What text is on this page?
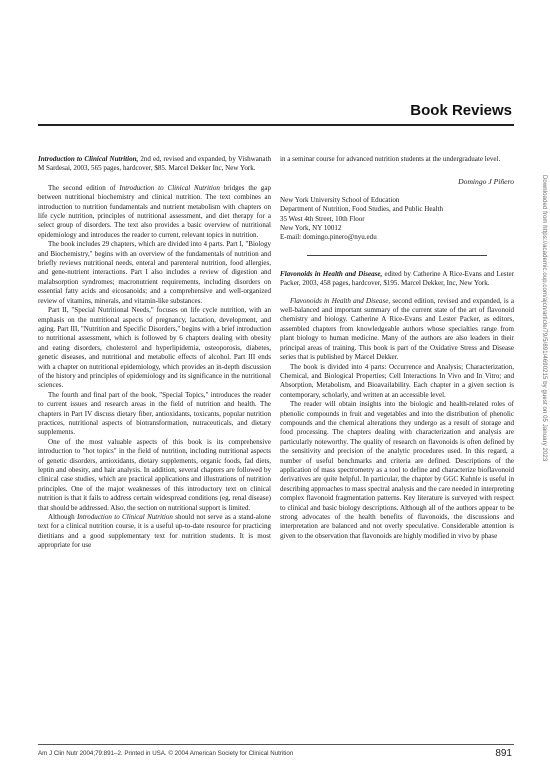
Book Reviews

Introduction to Clinical Nutrition, 2nd ed, revised and expanded, by Vishwanath M Sardesai, 2003, 565 pages, hardcover, $85. Marcel Dekker Inc, New York.

The second edition of Introduction to Clinical Nutrition bridges the gap between nutritional biochemistry and clinical nutrition. The text combines an introduction to nutrition fundamentals and nutrient metabolism with chapters on life cycle nutrition, principles of nutritional assessment, and diet therapy for a select group of disorders. The text also provides a basic overview of nutritional epidemiology and introduces the reader to current, relevant topics in nutrition.

The book includes 29 chapters, which are divided into 4 parts. Part I, "Biology and Biochemistry," begins with an overview of the fundamentals of nutrition and briefly reviews nutritional needs, enteral and parenteral nutrition, food allergies, and gene-nutrient interactions. Part I also includes a review of digestion and malabsorption syndromes; macronutrient requirements, including disorders on essential fatty acids and eicosanoids; and a comprehensive and well-organized review of vitamins, minerals, and vitamin-like substances.

Part II, "Special Nutritional Needs," focuses on life cycle nutrition, with an emphasis on the nutritional aspects of pregnancy, lactation, development, and aging. Part III, "Nutrition and Specific Disorders," begins with a brief introduction to nutritional assessment, which is followed by 6 chapters dealing with obesity and eating disorders, cholesterol and hyperlipidemia, osteoporosis, diabetes, genetic diseases, and nutritional and metabolic effects of alcohol. Part III ends with a chapter on nutritional epidemiology, which provides an in-depth discussion of the history and principles of epidemiology and its significance in the nutritional sciences.

The fourth and final part of the book, "Special Topics," introduces the reader to current issues and research areas in the field of nutrition and health. The chapters in Part IV discuss dietary fiber, antioxidants, toxicants, popular nutrition practices, nutritional aspects of biotransformation, nutraceuticals, and dietary supplements.

One of the most valuable aspects of this book is its comprehensive introduction to "hot topics" in the field of nutrition, including nutritional aspects of genetic disorders, antioxidants, dietary supplements, organic foods, fad diets, leptin and obesity, and hair analysis. In addition, several chapters are followed by clinical case studies, which are practical applications and illustrations of nutrition principles. One of the major weaknesses of this introductory text on clinical nutrition is that it fails to address certain widespread conditions (eg, renal disease) that should be addressed. Also, the section on nutritional support is limited.

Although Introduction to Clinical Nutrition should not serve as a stand-alone text for a clinical nutrition course, it is a useful up-to-date resource for practicing dietitians and a good supplementary text for nutrition students. It is most appropriate for use

in a seminar course for advanced nutrition students at the undergraduate level.

Domingo J Piñero

New York University School of Education

Department of Nutrition, Food Studies, and Public Health

35 West 4th Street, 10th Floor

New York, NY 10012

E-mail: domingo.pinero@nyu.edu

Flavonoids in Health and Disease, edited by Catherine A Rice-Evans and Lester Packer, 2003, 458 pages, hardcover, $195. Marcel Dekker, Inc, New York.

Flavonoids in Health and Disease, second edition, revised and expanded, is a well-balanced and important summary of the current state of the art of flavonoid chemistry and biology. Catherine A Rice-Evans and Lester Packer, as editors, assembled chapters from knowledgeable authors whose specialties range from plant biology to human medicine. Many of the authors are also leaders in their principal areas of training. This book is part of the Oxidative Stress and Disease series that is published by Marcel Dekker.

The book is divided into 4 parts: Occurrence and Analysis; Characterization, Chemical, and Biological Properties; Cell Interactions In Vivo and In Vitro; and Absorption, Metabolism, and Bioavailability. Each chapter in a given section is contemporary, scholarly, and written at an accessible level.

The reader will obtain insights into the biologic and health-related roles of phenolic compounds in fruit and vegetables and into the distribution of phenolic compounds and the chemical alterations they undergo as a result of storage and food processing. The chapters dealing with characterization and analysis are particularly noteworthy. The quality of research on flavonoids is often defined by the sensitivity and precision of the analytic procedures used. In this regard, a number of useful benchmarks and criteria are defined. Descriptions of the application of mass spectrometry as a tool to define and characterize bioflavonoid derivatives are quite helpful. In particular, the chapter by GGC Kuhnle is useful in describing approaches to mass spectral analysis and the care needed in interpreting complex flavonoid fragmentation patterns. Key literature is surveyed with respect to clinical and basic biology descriptions. Although all of the authors appear to be strong advocates of the health benefits of flavonoids, the discussions and interpretation are balanced and not overly speculative. Considerable attention is given to the observation that flavonoids are highly modified in vivo by phase

Downloaded from https://academic.oup.com/ajcn/article/79/5/891/4690215 by guest on 05 January 2023
Am J Clin Nutr 2004;79:891–2. Printed in USA. © 2004 American Society for Clinical Nutrition	891
